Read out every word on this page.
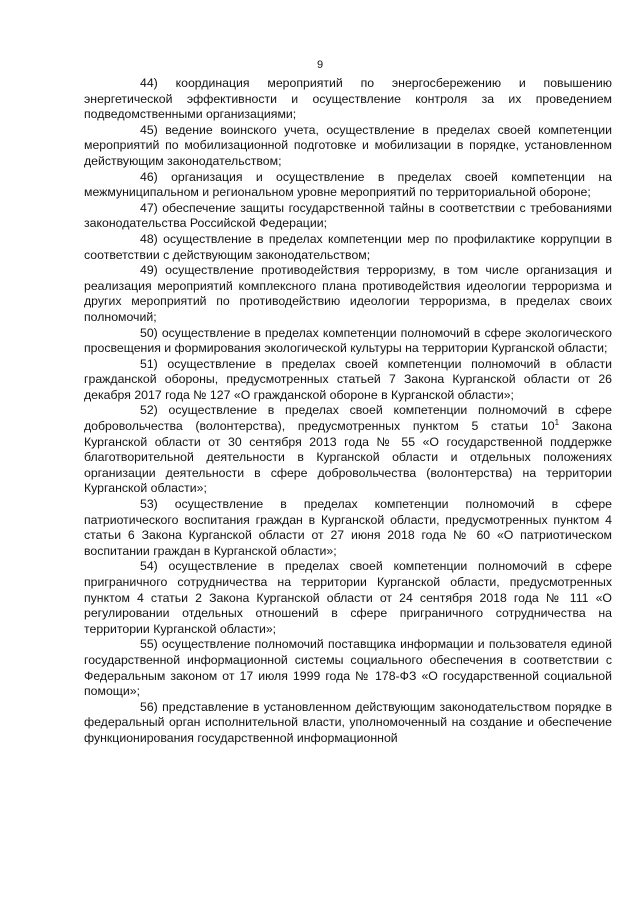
9

44) координация мероприятий по энергосбережению и повышению энергетической эффективности и осуществление контроля за их проведением подведомственными организациями;

45) ведение воинского учета, осуществление в пределах своей компетенции мероприятий по мобилизационной подготовке и мобилизации в порядке, установленном действующим законодательством;

46) организация и осуществление в пределах своей компетенции на межмуниципальном и региональном уровне мероприятий по территориальной обороне;

47) обеспечение защиты государственной тайны в соответствии с требованиями законодательства Российской Федерации;

48) осуществление в пределах компетенции мер по профилактике коррупции в соответствии с действующим законодательством;

49) осуществление противодействия терроризму, в том числе организация и реализация мероприятий комплексного плана противодействия идеологии терроризма и других мероприятий по противодействию идеологии терроризма, в пределах своих полномочий;

50) осуществление в пределах компетенции полномочий в сфере экологического просвещения и формирования экологической культуры на территории Курганской области;

51) осуществление в пределах своей компетенции полномочий в области гражданской обороны, предусмотренных статьей 7 Закона Курганской области от 26 декабря 2017 года № 127 «О гражданской обороне в Курганской области»;

52) осуществление в пределах своей компетенции полномочий в сфере добровольчества (волонтерства), предусмотренных пунктом 5 статьи $10^1$ Закона Курганской области от 30 сентября 2013 года № 55 «О государственной поддержке благотворительной деятельности в Курганской области и отдельных положениях организации деятельности в сфере добровольчества (волонтерства) на территории Курганской области»;

53) осуществление в пределах компетенции полномочий в сфере патриотического воспитания граждан в Курганской области, предусмотренных пунктом 4 статьи 6 Закона Курганской области от 27 июня 2018 года № 60 «О патриотическом воспитании граждан в Курганской области»;

54) осуществление в пределах своей компетенции полномочий в сфере приграничного сотрудничества на территории Курганской области, предусмотренных пунктом 4 статьи 2 Закона Курганской области от 24 сентября 2018 года № 111 «О регулировании отдельных отношений в сфере приграничного сотрудничества на территории Курганской области»;

55) осуществление полномочий поставщика информации и пользователя единой государственной информационной системы социального обеспечения в соответствии с Федеральным законом от 17 июля 1999 года № 178-ФЗ «О государственной социальной помощи»;

56) представление в установленном действующим законодательством порядке в федеральный орган исполнительной власти, уполномоченный на создание и обеспечение функционирования государственной информационной
